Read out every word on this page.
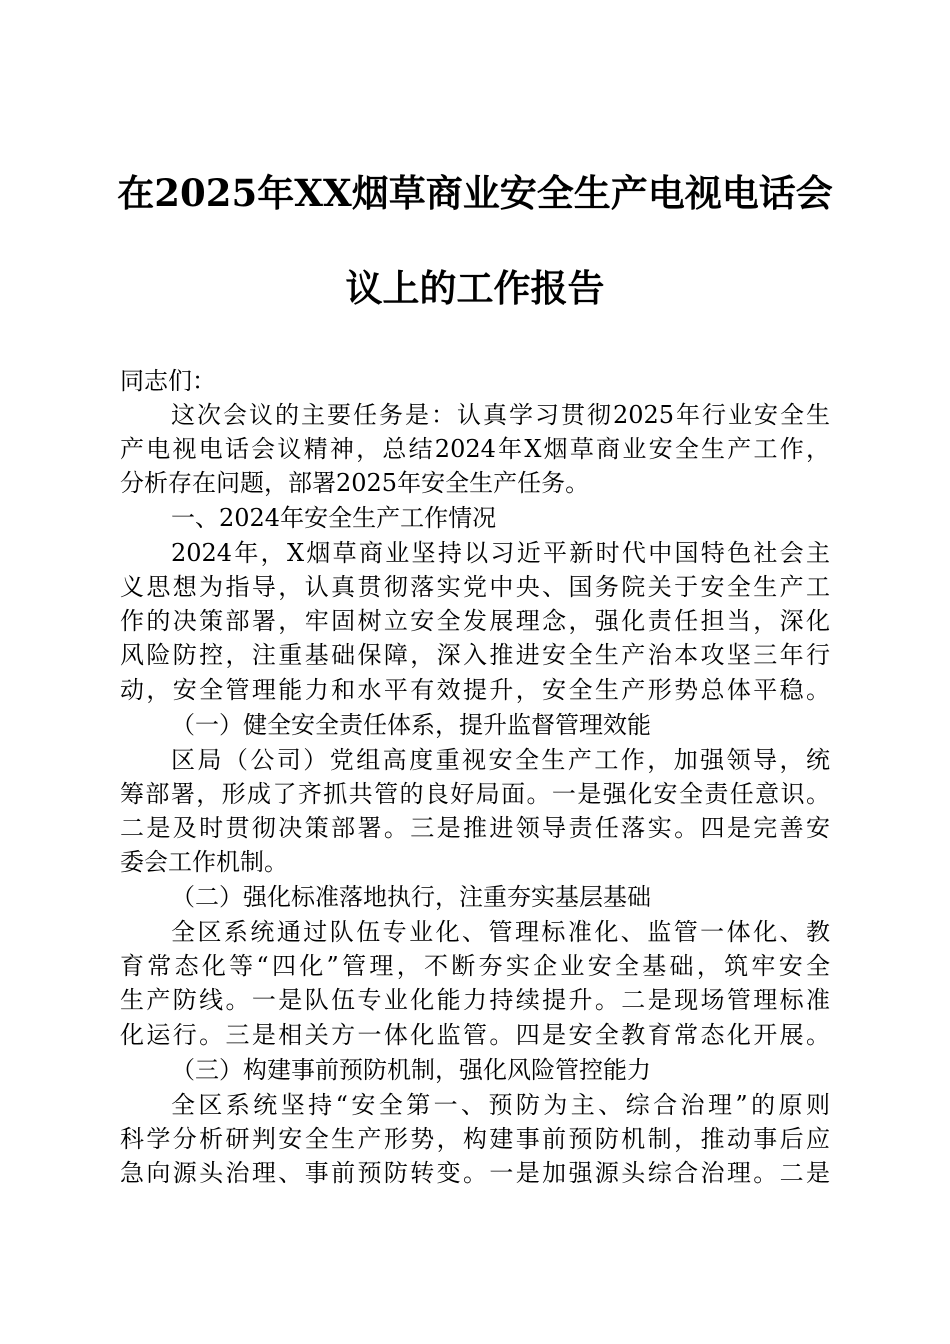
在2025年XX烟草商业安全生产电视电话会
议上的工作报告
同志们：
这次会议的主要任务是：认真学习贯彻2025年行业安全生
产电视电话会议精神，总结2024年X烟草商业安全生产工作，
分析存在问题，部署2025年安全生产任务。
一、2024年安全生产工作情况
2024年，X烟草商业坚持以习近平新时代中国特色社会主
义思想为指导，认真贯彻落实党中央、国务院关于安全生产工
作的决策部署，牢固树立安全发展理念，强化责任担当，深化
风险防控，注重基础保障，深入推进安全生产治本攻坚三年行
动，安全管理能力和水平有效提升，安全生产形势总体平稳。
（一）健全安全责任体系，提升监督管理效能
区局（公司）党组高度重视安全生产工作，加强领导，统
筹部署，形成了齐抓共管的良好局面。一是强化安全责任意识。
二是及时贯彻决策部署。三是推进领导责任落实。四是完善安
委会工作机制。
（二）强化标准落地执行，注重夯实基层基础
全区系统通过队伍专业化、管理标准化、监管一体化、教
育常态化等“四化”管理，不断夯实企业安全基础，筑牢安全
生产防线。一是队伍专业化能力持续提升。二是现场管理标准
化运行。三是相关方一体化监管。四是安全教育常态化开展。
（三）构建事前预防机制，强化风险管控能力
全区系统坚持“安全第一、预防为主、综合治理”的原则
科学分析研判安全生产形势，构建事前预防机制，推动事后应
急向源头治理、事前预防转变。一是加强源头综合治理。二是
